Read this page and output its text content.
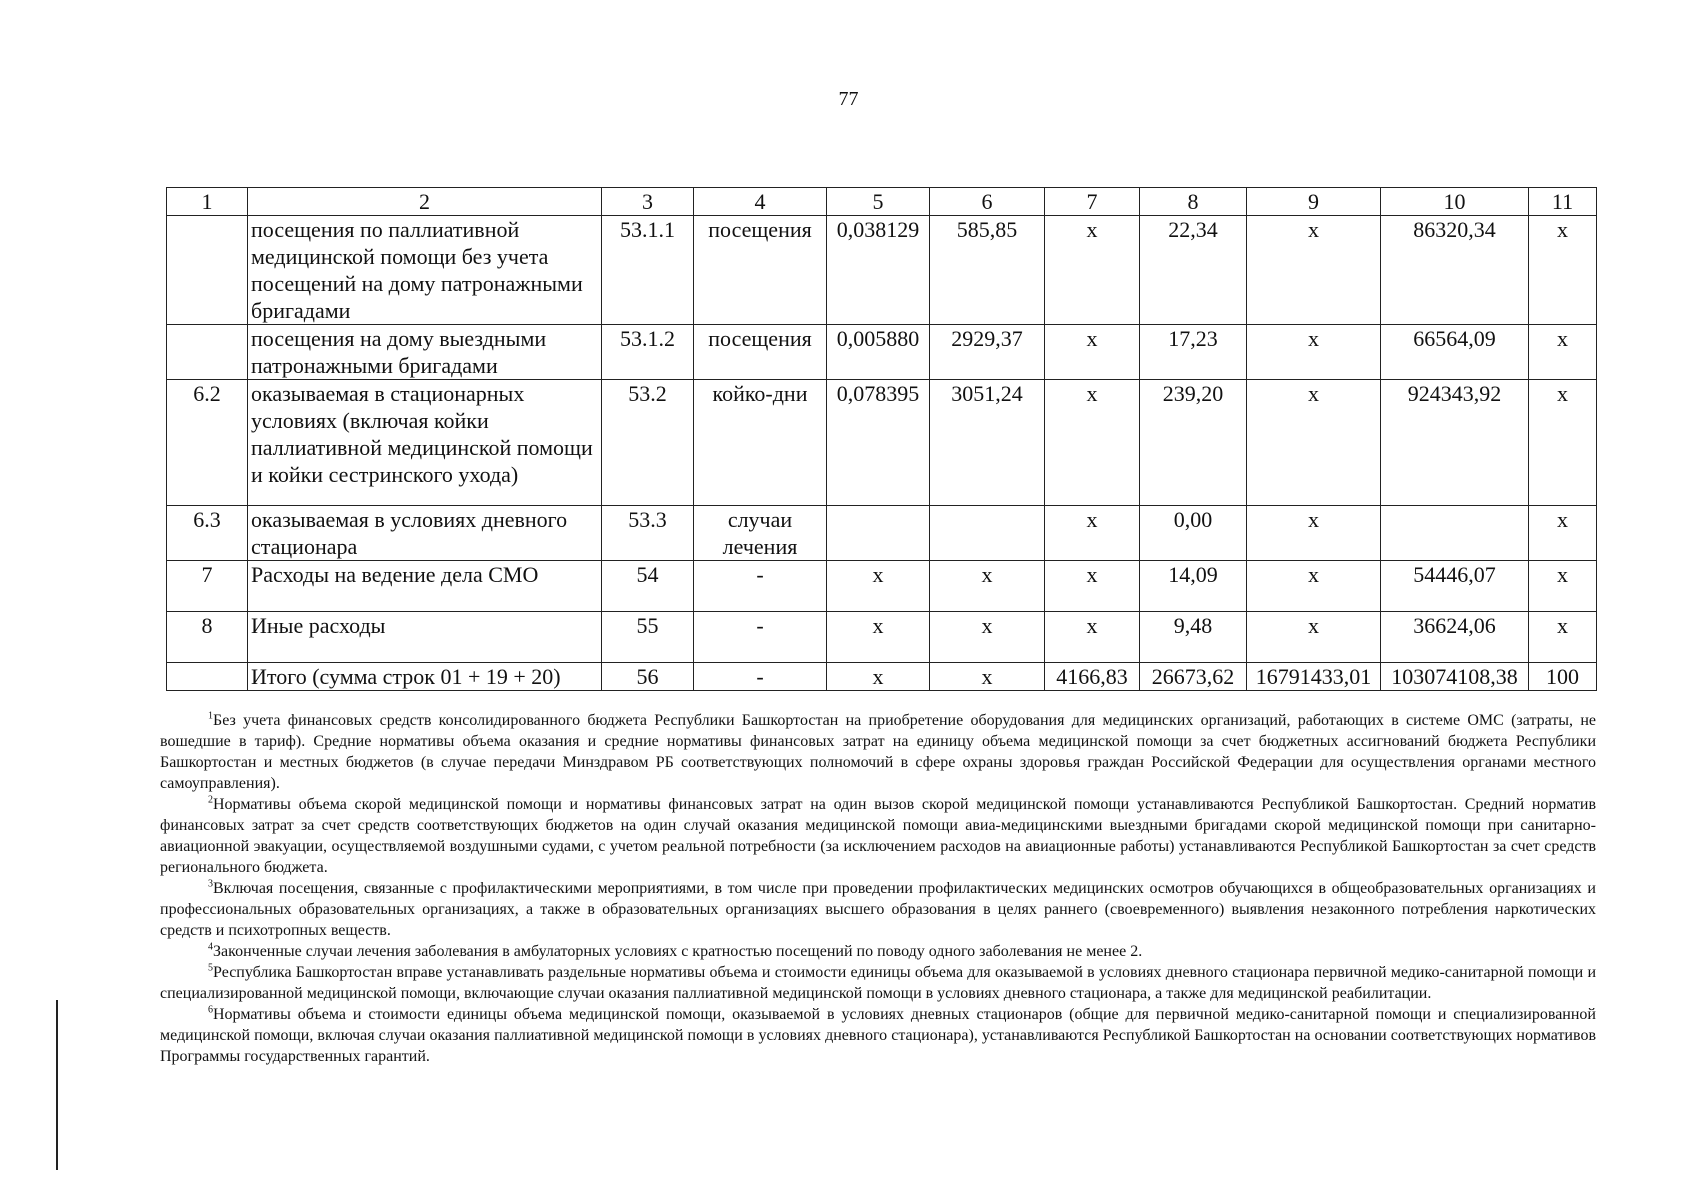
77
1	2	3	4	5	6	7	8	9	10	11
	посещения по паллиативной медицинской помощи без учета посещений на дому патронажными бригадами	53.1.1	посещения	0,038129	585,85	х	22,34	х	86320,34	х
	посещения на дому выездными патронажными бригадами	53.1.2	посещения	0,005880	2929,37	х	17,23	х	66564,09	х
6.2	оказываемая в стационарных условиях (включая койки паллиативной медицинской помощи и койки сестринского ухода)	53.2	койко-дни	0,078395	3051,24	х	239,20	х	924343,92	х
6.3	оказываемая в условиях дневного стационара	53.3	случаи лечения			х	0,00	х		х
7	Расходы на ведение дела СМО	54	-	х	х	х	14,09	х	54446,07	х
8	Иные расходы	55	-	х	х	х	9,48	х	36624,06	х
	Итого (сумма строк 01 + 19 + 20)	56	-	х	х	4166,83	26673,62	16791433,01	103074108,38	100

$^1$Без учета финансовых средств консолидированного бюджета Республики Башкортостан на приобретение оборудования для медицинских организаций, работающих в системе ОМС (затраты, не вошедшие в тариф). Средние нормативы объема оказания и средние нормативы финансовых затрат на единицу объема медицинской помощи за счет бюджетных ассигнований бюджета Республики Башкортостан и местных бюджетов (в случае передачи Минздравом РБ соответствующих полномочий в сфере охраны здоровья граждан Российской Федерации для осуществления органами местного самоуправления).

$^2$Нормативы объема скорой медицинской помощи и нормативы финансовых затрат на один вызов скорой медицинской помощи устанавливаются Республикой Башкортостан. Средний норматив финансовых затрат за счет средств соответствующих бюджетов на один случай оказания медицинской помощи авиа-медицинскими выездными бригадами скорой медицинской помощи при санитарно-авиационной эвакуации, осуществляемой воздушными судами, с учетом реальной потребности (за исключением расходов на авиационные работы) устанавливаются Республикой Башкортостан за счет средств регионального бюджета.

$^3$Включая посещения, связанные с профилактическими мероприятиями, в том числе при проведении профилактических медицинских осмотров обучающихся в общеобразовательных организациях и профессиональных образовательных организациях, а также в образовательных организациях высшего образования в целях раннего (своевременного) выявления незаконного потребления наркотических средств и психотропных веществ.

$^4$Законченные случаи лечения заболевания в амбулаторных условиях с кратностью посещений по поводу одного заболевания не менее 2.

$^5$Республика Башкортостан вправе устанавливать раздельные нормативы объема и стоимости единицы объема для оказываемой в условиях дневного стационара первичной медико-санитарной помощи и специализированной медицинской помощи, включающие случаи оказания паллиативной медицинской помощи в условиях дневного стационара, а также для медицинской реабилитации.

$^6$Нормативы объема и стоимости единицы объема медицинской помощи, оказываемой в условиях дневных стационаров (общие для первичной медико-санитарной помощи и специализированной медицинской помощи, включая случаи оказания паллиативной медицинской помощи в условиях дневного стационара), устанавливаются Республикой Башкортостан на основании соответствующих нормативов Программы государственных гарантий.
